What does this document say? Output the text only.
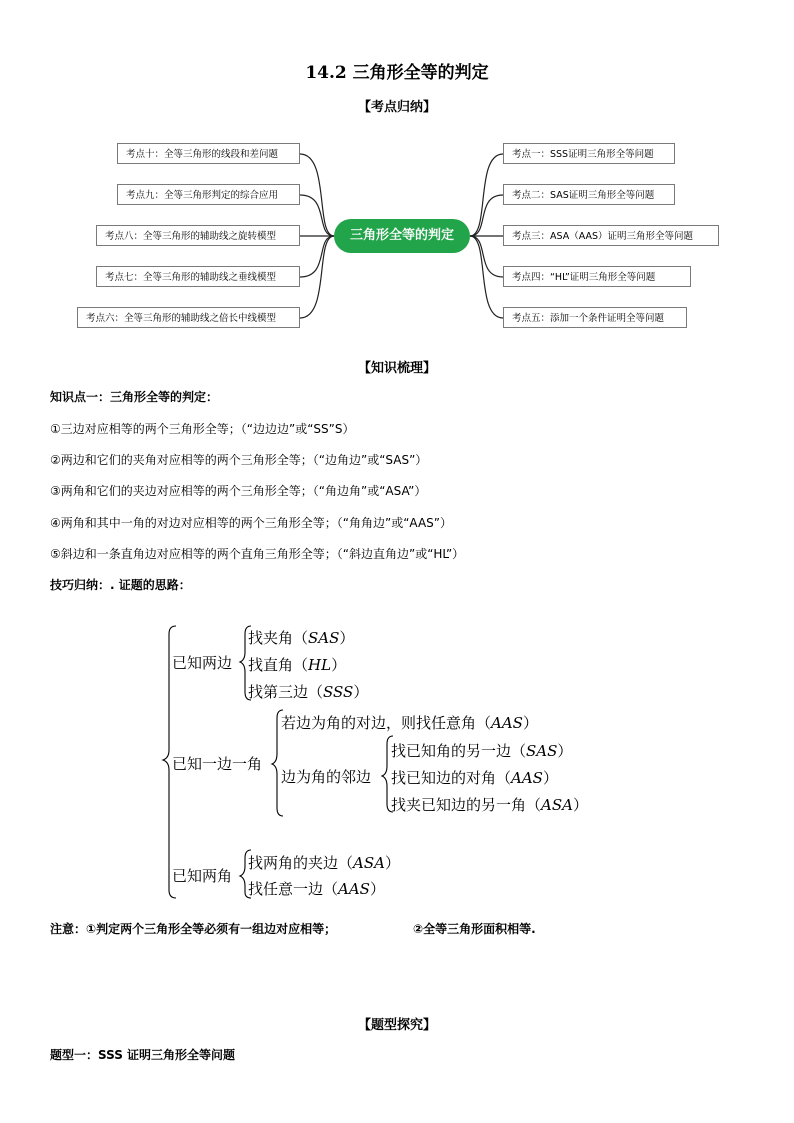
14.2 三角形全等的判定
【考点归纳】
考点十：全等三角形的线段和差问题
考点九：全等三角形判定的综合应用
考点八：全等三角形的辅助线之旋转模型
考点七：全等三角形的辅助线之垂线模型
考点六：全等三角形的辅助线之倍长中线模型
三角形全等的判定
考点一：SSS证明三角形全等问题
考点二：SAS证明三角形全等问题
考点三：ASA（AAS）证明三角形全等问题
考点四：“HL”证明三角形全等问题
考点五：添加一个条件证明全等问题
【知识梳理】
知识点一：三角形全等的判定：
①三边对应相等的两个三角形全等；（“边边边”或“SS”S）
②两边和它们的夹角对应相等的两个三角形全等；（“边角边”或“SAS”）
③两角和它们的夹边对应相等的两个三角形全等；（“角边角”或“ASA”）
④两角和其中一角的对边对应相等的两个三角形全等；（“角角边”或“AAS”）
⑤斜边和一条直角边对应相等的两个直角三角形全等；（“斜边直角边”或“HL”）
技巧归纳：. 证题的思路：
已知两边
找夹角（SAS）
找直角（HL）
找第三边（SSS）
已知一边一角
若边为角的对边，则找任意角（AAS）
边为角的邻边
找已知角的另一边（SAS）
找已知边的对角（AAS）
找夹已知边的另一角（ASA）
已知两角
找两角的夹边（ASA）
找任意一边（AAS）
注意：①判定两个三角形全等必须有一组边对应相等；	②全等三角形面积相等.
【题型探究】
题型一：SSS 证明三角形全等问题
